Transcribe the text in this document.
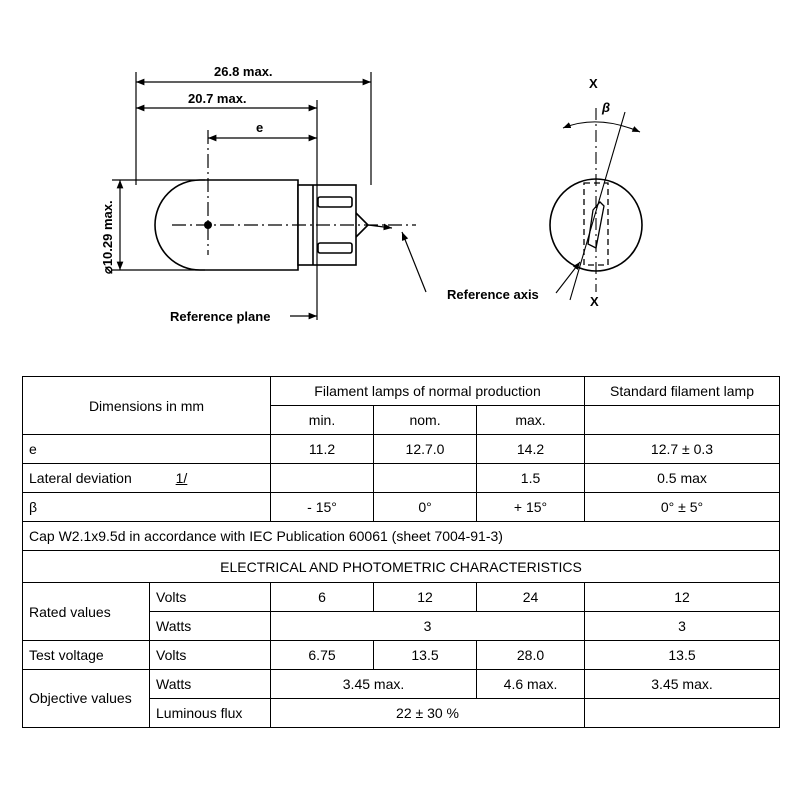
26.8 max.
20.7 max.
e
⌀10.29 max.
Reference plane
X
X
β
Reference axis
Dimensions in mm		Filament lamps of normal production			Standard filament lamp
		min.	nom.	max.	
e		11.2	12.7.0	14.2	12.7 ± 0.3
Lateral deviation 1/				1.5	0.5 max
β		- 15°	0°	+ 15°	0° ± 5°
Cap W2.1x9.5d in accordance with IEC Publication 60061 (sheet 7004-91-3)					
ELECTRICAL AND PHOTOMETRIC CHARACTERISTICS					
Rated values	Volts	6	12	24	12
	Watts	3			3
Test voltage	Volts	6.75	13.5	28.0	13.5
Objective values	Watts	3.45 max.		4.6 max.	3.45 max.
	Luminous flux	22 ± 30 %			
